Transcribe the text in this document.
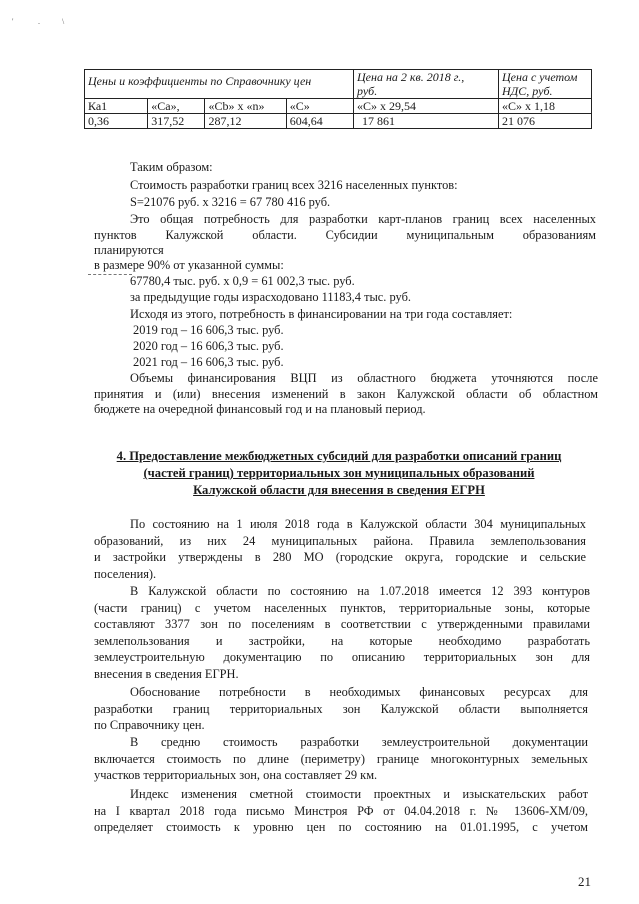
'	.	\
Цены и коэффициенты по Справочнику цен				Цена на 2 кв. 2018 г.,
руб.	Цена с учетом
НДС, руб.
Ка1	«Са»,	«Сb» х «n»	«С»	«С» х 29,54	«С» х 1,18
0,36	317,52	287,12	604,64	17 861	21 076
Таким образом:
Стоимость разработки границ всех 3216 населенных пунктов:
S=21076 руб. х 3216 = 67 780 416 руб.
Это общая потребность для разработки карт-планов границ всех населенных
пунктов Калужской области. Субсидии муниципальным образованиям
планируются
в размере 90% от указанной суммы:
67780,4 тыс. руб. х 0,9 = 61 002,3 тыс. руб.
за предыдущие годы израсходовано 11183,4 тыс. руб.
Исходя из этого, потребность в финансировании на три года составляет:
2019 год – 16 606,3 тыс. руб.
2020 год – 16 606,3 тыс. руб.
2021 год – 16 606,3 тыс. руб.
Объемы финансирования ВЦП из областного бюджета уточняются после
принятия и (или) внесения изменений в закон Калужской области об областном
бюджете на очередной финансовый год и на плановый период.
4. Предоставление межбюджетных субсидий для разработки описаний границ
(частей границ) территориальных зон муниципальных образований
Калужской области для внесения в сведения ЕГРН
По состоянию на 1 июля 2018 года в Калужской области 304 муниципальных
образований, из них 24 муниципальных района. Правила землепользования
и застройки утверждены в 280 МО (городские округа, городские и сельские
поселения).
В Калужской области по состоянию на 1.07.2018 имеется 12 393 контуров
(части границ) с учетом населенных пунктов, территориальные зоны, которые
составляют 3377 зон по поселениям в соответствии с утвержденными правилами
землепользования и застройки, на которые необходимо разработать
землеустроительную документацию по описанию территориальных зон для
внесения в сведения ЕГРН.
Обоснование потребности в необходимых финансовых ресурсах для
разработки границ территориальных зон Калужской области выполняется
по Справочнику цен.
В средню стоимость разработки землеустроительной документации
включается стоимость по длине (периметру) границе многоконтурных земельных
участков территориальных зон, она составляет 29 км.
Индекс изменения сметной стоимости проектных и изыскательских работ
на I квартал 2018 года письмо Минстроя РФ от 04.04.2018 г. № 13606-ХМ/09,
определяет стоимость к уровню цен по состоянию на 01.01.1995, с учетом
21
